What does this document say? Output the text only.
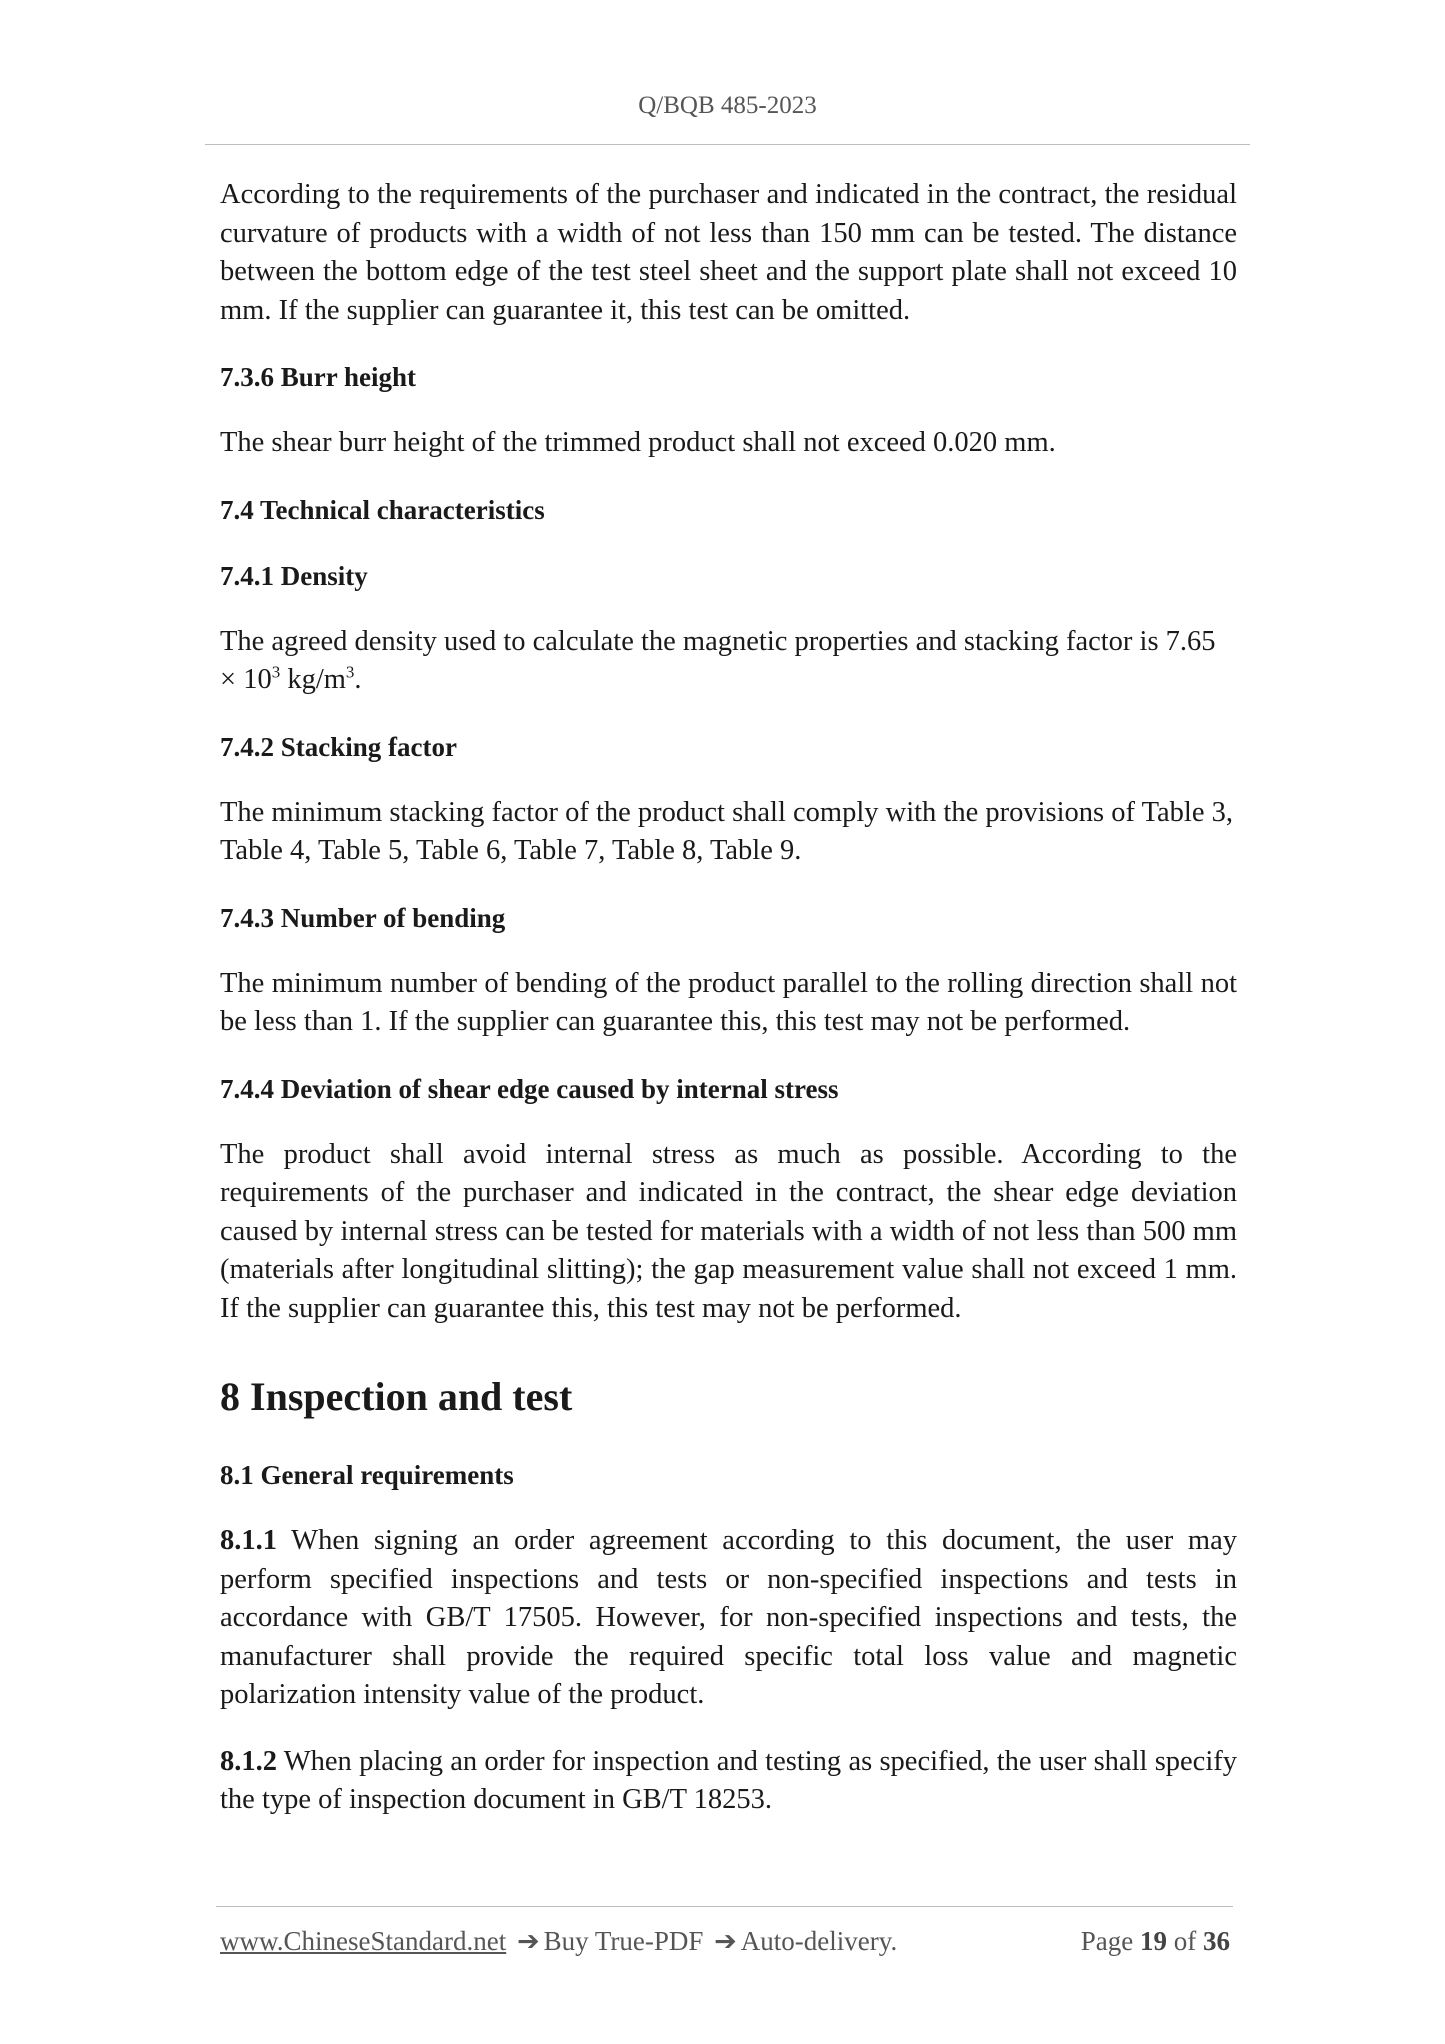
Q/BQB 485-2023

According to the requirements of the purchaser and indicated in the contract, the residual curvature of products with a width of not less than 150 mm can be tested. The distance between the bottom edge of the test steel sheet and the support plate shall not exceed 10 mm. If the supplier can guarantee it, this test can be omitted.

7.3.6 Burr height

The shear burr height of the trimmed product shall not exceed 0.020 mm.

7.4 Technical characteristics
7.4.1 Density

The agreed density used to calculate the magnetic properties and stacking factor is $7.65 \times 10^3$ $kg/m^3$.

7.4.2 Stacking factor

The minimum stacking factor of the product shall comply with the provisions of Table 3, Table 4, Table 5, Table 6, Table 7, Table 8, Table 9.

7.4.3 Number of bending

The minimum number of bending of the product parallel to the rolling direction shall not be less than 1. If the supplier can guarantee this, this test may not be performed.

7.4.4 Deviation of shear edge caused by internal stress

The product shall avoid internal stress as much as possible. According to the requirements of the purchaser and indicated in the contract, the shear edge deviation caused by internal stress can be tested for materials with a width of not less than 500 mm (materials after longitudinal slitting); the gap measurement value shall not exceed 1 mm. If the supplier can guarantee this, this test may not be performed.

8 Inspection and test
8.1 General requirements

8.1.1 When signing an order agreement according to this document, the user may perform specified inspections and tests or non-specified inspections and tests in accordance with GB/T 17505. However, for non-specified inspections and tests, the manufacturer shall provide the required specific total loss value and magnetic polarization intensity value of the product.

8.1.2 When placing an order for inspection and testing as specified, the user shall specify the type of inspection document in GB/T 18253.

www.ChineseStandard.net ➔ Buy True-PDF ➔ Auto-delivery.	Page 19 of 36
